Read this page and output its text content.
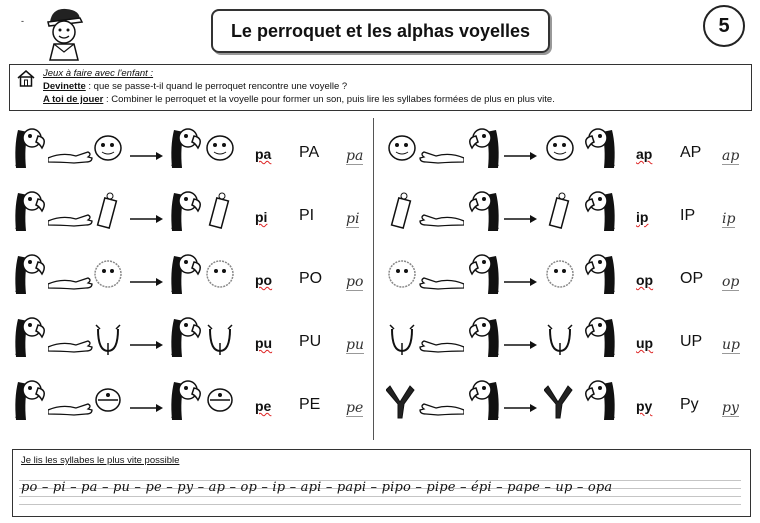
-	Le perroquet et les alphas voyelles	5
Jeux à faire avec l'enfant :
Devinette : que se passe-t-il quand le perroquet rencontre une voyelle ?
A toi de jouer : Combiner le perroquet et la voyelle pour former un son, puis lire les syllabes formées de plus en plus vite.
pa PA pa
pi PI pi
po PO po
pu PU pu
pe PE pe
ap AP ap
ip IP ip
op OP op
up UP up
py Py py
Je lis les syllabes le plus vite possible
po – pi – pa – pu – pe – py – ap – op – ip – api – papi – pipo – pipe – épi – pape – up – opa
